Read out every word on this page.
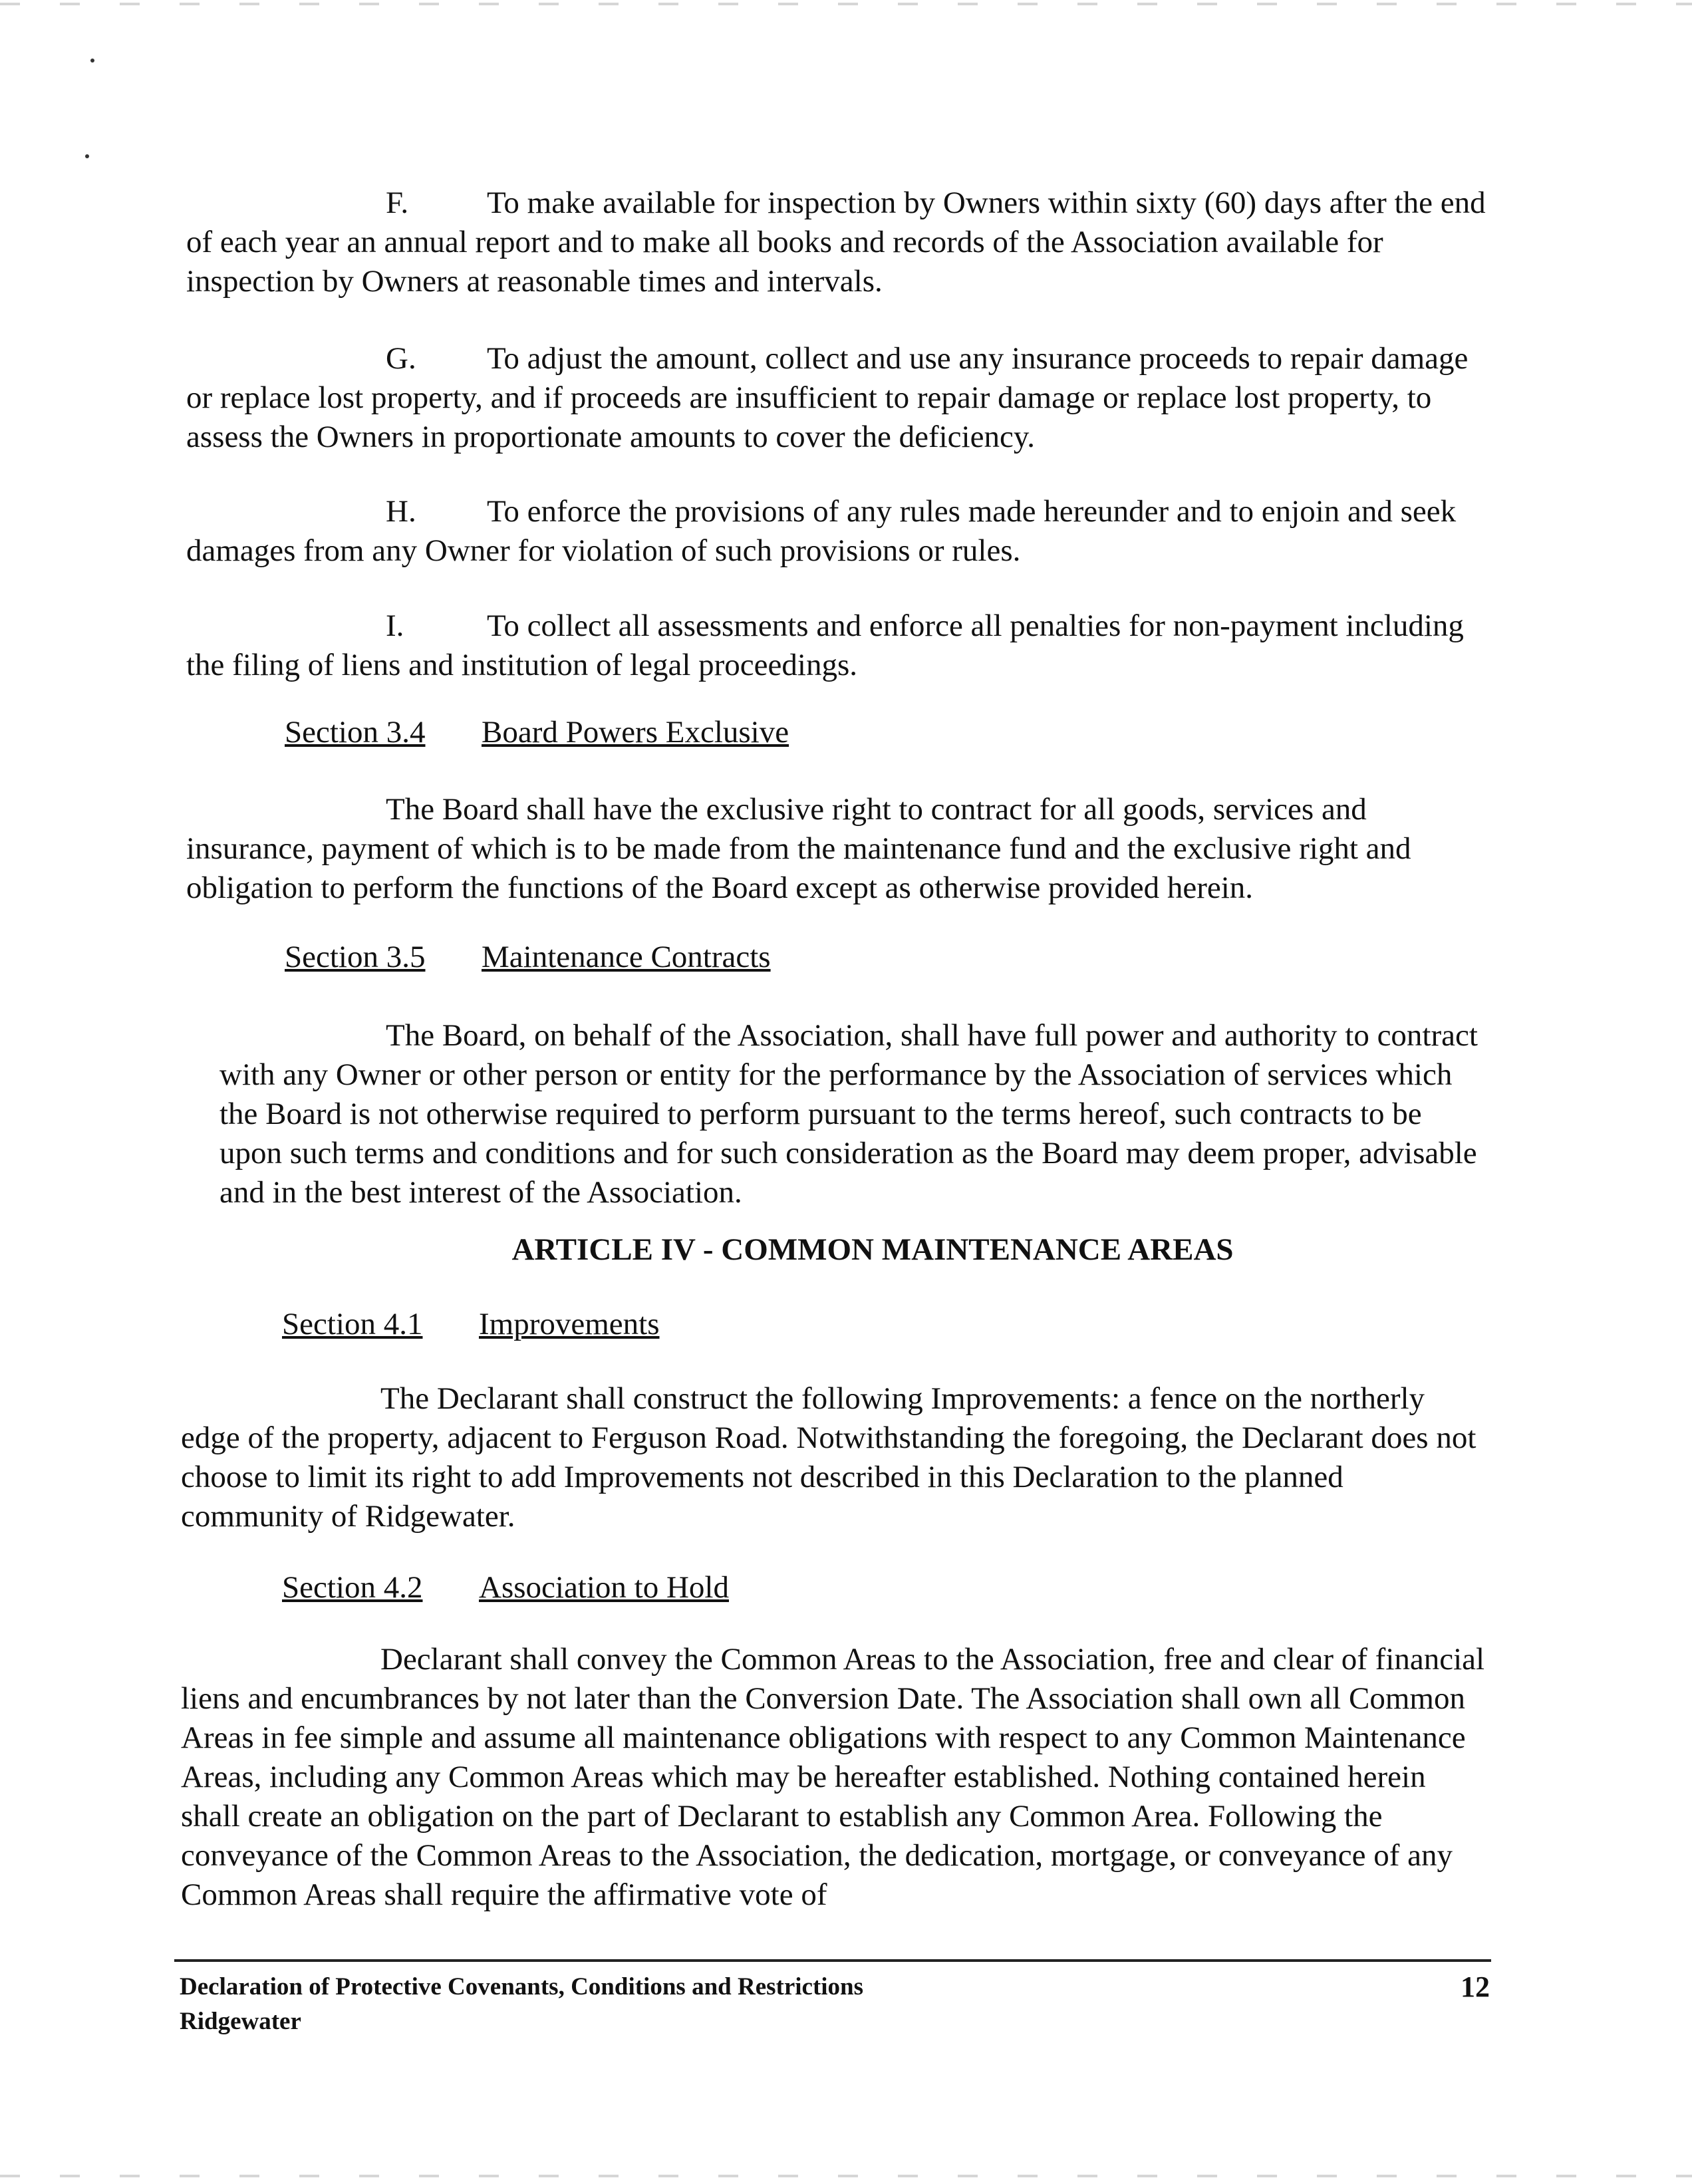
F.	To make available for inspection by Owners within sixty (60) days after the end of each year an annual report and to make all books and records of the Association available for inspection by Owners at reasonable times and intervals.

G. To adjust the amount, collect and use any insurance proceeds to repair damage or replace lost property, and if proceeds are insufficient to repair damage or replace lost property, to assess the Owners in proportionate amounts to cover the deficiency.

H. To enforce the provisions of any rules made hereunder and to enjoin and seek damages from any Owner for violation of such provisions or rules.

I.	To collect all assessments and enforce all penalties for non-payment including the filing of liens and institution of legal proceedings.

Section 3.4 Board Powers Exclusive

The Board shall have the exclusive right to contract for all goods, services and insurance, payment of which is to be made from the maintenance fund and the exclusive right and obligation to perform the functions of the Board except as otherwise provided herein.

Section 3.5 Maintenance Contracts

The Board, on behalf of the Association, shall have full power and authority to contract with any Owner or other person or entity for the performance by the Association of services which the Board is not otherwise required to perform pursuant to the terms hereof, such contracts to be upon such terms and conditions and for such consideration as the Board may deem proper, advisable and in the best interest of the Association.

ARTICLE IV - COMMON MAINTENANCE AREAS
Section 4.1 Improvements

The Declarant shall construct the following Improvements: a fence on the northerly edge of the property, adjacent to Ferguson Road. Notwithstanding the foregoing, the Declarant does not choose to limit its right to add Improvements not described in this Declaration to the planned community of Ridgewater.

Section 4.2 Association to Hold

Declarant shall convey the Common Areas to the Association, free and clear of financial liens and encumbrances by not later than the Conversion Date. The Association shall own all Common Areas in fee simple and assume all maintenance obligations with respect to any Common Maintenance Areas, including any Common Areas which may be hereafter established. Nothing contained herein shall create an obligation on the part of Declarant to establish any Common Area. Following the conveyance of the Common Areas to the Association, the dedication, mortgage, or conveyance of any Common Areas shall require the affirmative vote of

Declaration of Protective Covenants, Conditions and Restrictions
Ridgewater
12
